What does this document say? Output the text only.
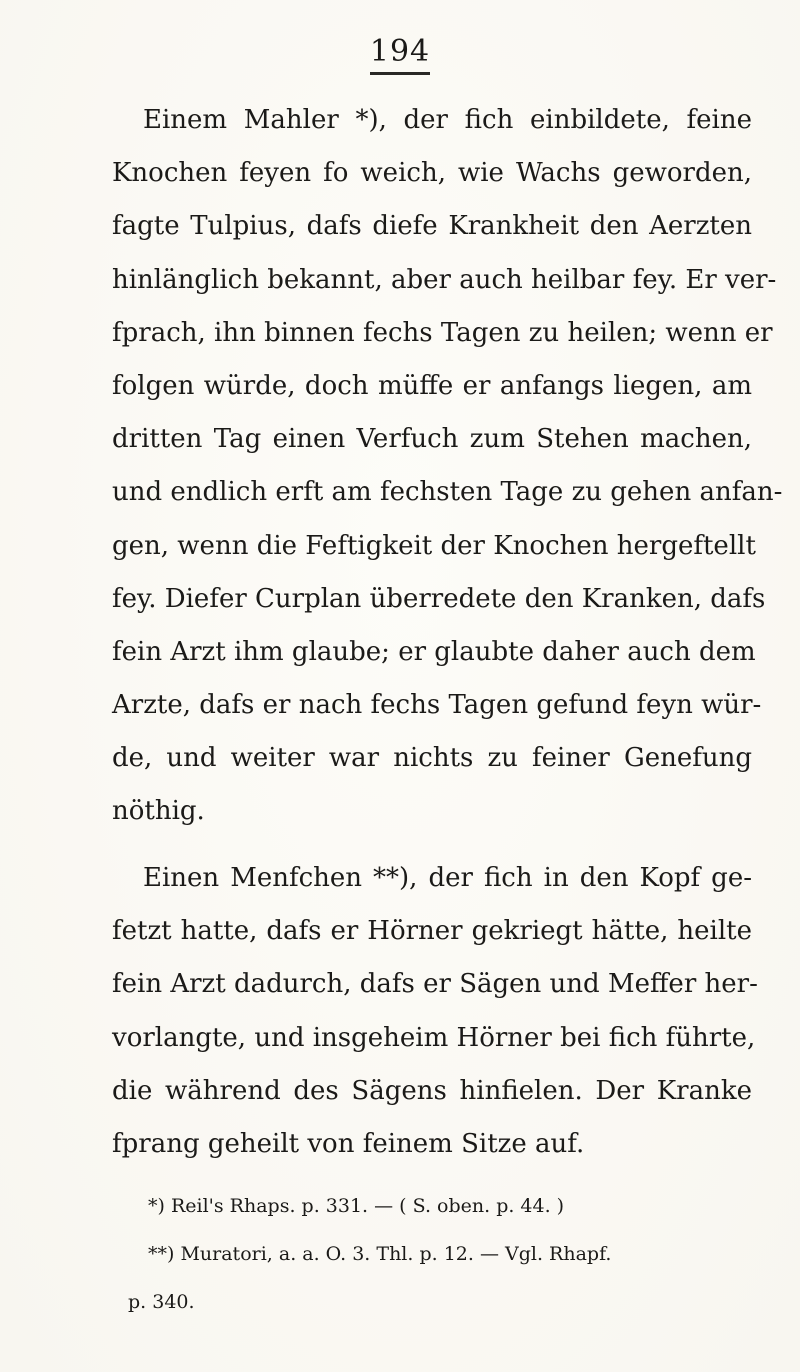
194
Einem Mahler *), der fich einbildete, feine
Knochen feyen fo weich, wie Wachs geworden,
fagte Tulpius, dafs diefe Krankheit den Aerzten
hinlänglich bekannt, aber auch heilbar fey. Er ver-
fprach, ihn binnen fechs Tagen zu heilen; wenn er
folgen würde, doch müffe er anfangs liegen, am
dritten Tag einen Verfuch zum Stehen machen,
und endlich erft am fechsten Tage zu gehen anfan-
gen, wenn die Feftigkeit der Knochen hergeftellt
fey. Diefer Curplan überredete den Kranken, dafs
fein Arzt ihm glaube; er glaubte daher auch dem
Arzte, dafs er nach fechs Tagen gefund feyn wür-
de, und weiter war nichts zu feiner Genefung
nöthig.
Einen Menfchen **), der fich in den Kopf ge-
fetzt hatte, dafs er Hörner gekriegt hätte, heilte
fein Arzt dadurch, dafs er Sägen und Meffer her-
vorlangte, und insgeheim Hörner bei fich führte,
die während des Sägens hinfielen. Der Kranke
fprang geheilt von feinem Sitze auf.
*) Reil's Rhaps. p. 331. — ( S. oben. p. 44. )
**) Muratori, a. a. O. 3. Thl. p. 12. — Vgl. Rhapf.
p. 340.
